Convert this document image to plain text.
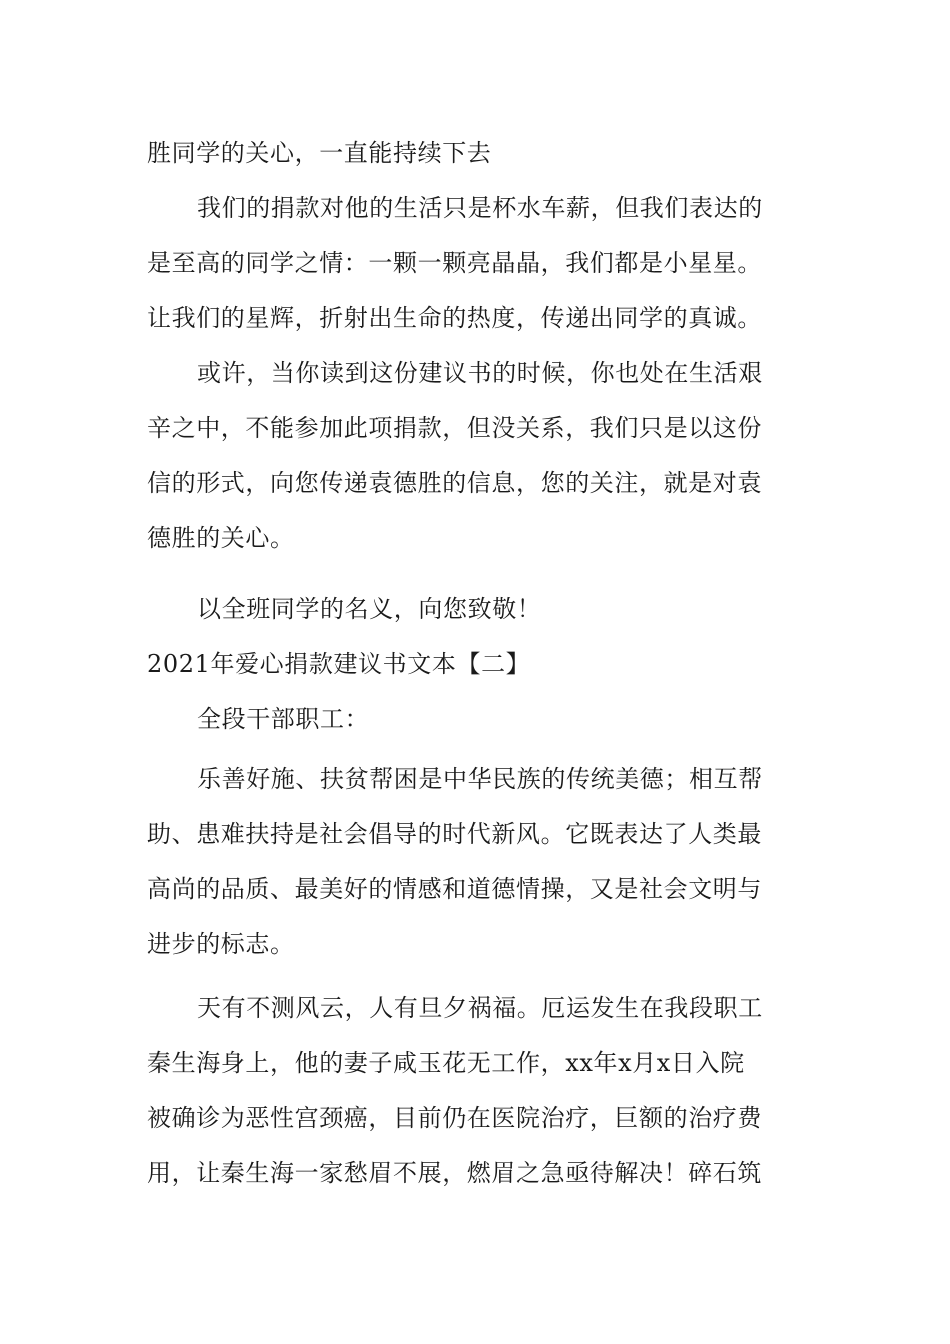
胜同学的关心，一直能持续下去
我们的捐款对他的生活只是杯水车薪，但我们表达的
是至高的同学之情：一颗一颗亮晶晶，我们都是小星星。
让我们的星辉，折射出生命的热度，传递出同学的真诚。
或许，当你读到这份建议书的时候，你也处在生活艰
辛之中，不能参加此项捐款，但没关系，我们只是以这份
信的形式，向您传递袁德胜的信息，您的关注，就是对袁
德胜的关心。
以全班同学的名义，向您致敬！
2021年爱心捐款建议书文本【二】
全段干部职工：
乐善好施、扶贫帮困是中华民族的传统美德；相互帮
助、患难扶持是社会倡导的时代新风。它既表达了人类最
高尚的品质、最美好的情感和道德情操，又是社会文明与
进步的标志。
天有不测风云，人有旦夕祸福。厄运发生在我段职工
秦生海身上，他的妻子咸玉花无工作，xx年x月x日入院
被确诊为恶性宫颈癌，目前仍在医院治疗，巨额的治疗费
用，让秦生海一家愁眉不展，燃眉之急亟待解决！碎石筑
